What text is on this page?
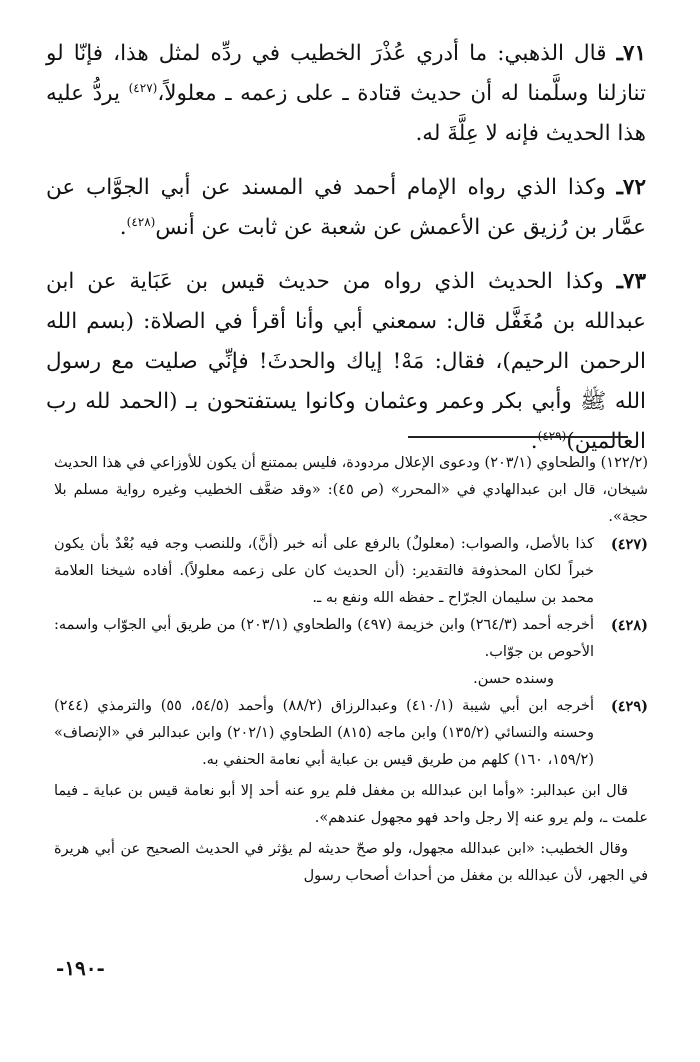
٧١ـ قال الذهبي: ما أدري عُذْرَ الخطيب في ردِّه لمثل هذا، فإنّا لو تنازلنا وسلَّمنا له أن حديث قتادة ـ على زعمه ـ معلولاً،$^{(٤٢٧)}$ يردُّ عليه هذا الحديث فإنه لا عِلَّةَ له.

٧٢ـ وكذا الذي رواه الإمام أحمد في المسند عن أبي الجوَّاب عن عمَّار بن رُزيق عن الأعمش عن شعبة عن ثابت عن أنس$^{(٤٢٨)}$.

٧٣ـ وكذا الحديث الذي رواه من حديث قيس بن عَبَاية عن ابن عبدالله بن مُغَفَّل قال: سمعني أبي وأنا أقرأ في الصلاة: (بسم الله الرحمن الرحيم)، فقال: مَهْ! إياك والحدثَ! فإنِّي صليت مع رسول الله ﷺ وأبي بكر وعمر وعثمان وكانوا يستفتحون بـ (الحمد لله رب العالمين)$^{(٤٢٩)}$.

(١٢٢/٢) والطحاوي (٢٠٣/١) ودعوى الإعلال مردودة، فليس بممتنع أن يكون للأوزاعي في هذا الحديث شيخان، قال ابن عبدالهادي في «المحرر» (ص ٤٥): «وقد ضعَّف الخطيب وغيره رواية مسلم بلا حجة».

(٤٢٧)

كذا بالأصل، والصواب: (معلولٌ) بالرفع على أنه خبر (أنَّ)، وللنصب وجه فيه بُعْدٌ بأن يكون خبراً لكان المحذوفة فالتقدير: (أن الحديث كان على زعمه معلولاً). أفاده شيخنا العلامة محمد بن سليمان الجرّاح ـ حفظه الله ونفع به ـ.

(٤٢٨)

أخرجه أحمد (٢٦٤/٣) وابن خزيمة (٤٩٧) والطحاوي (٢٠٣/١) من طريق أبي الجوّاب واسمه: الأحوص بن جوّاب.

وسنده حسن.

(٤٢٩)

أخرجه ابن أبي شيبة (٤١٠/١) وعبدالرزاق (٨٨/٢) وأحمد (٥٤/٥، ٥٥) والترمذي (٢٤٤) وحسنه والنسائي (١٣٥/٢) وابن ماجه (٨١٥) الطحاوي (٢٠٢/١) وابن عبدالبر في «الإنصاف» (١٥٩/٢، ١٦٠) كلهم من طريق قيس بن عباية أبي نعامة الحنفي به.

قال ابن عبدالبر: «وأما ابن عبدالله بن مغفل فلم يرو عنه أحد إلا أبو نعامة قيس بن عباية ـ فيما علمت ـ، ولم يرو عنه إلا رجل واحد فهو مجهول عندهم».

وقال الخطيب: «ابن عبدالله مجهول، ولو صحّ حديثه لم يؤثر في الحديث الصحيح عن أبي هريرة في الجهر، لأن عبدالله بن مغفل من أحداث أصحاب رسول

-١٩٠-
